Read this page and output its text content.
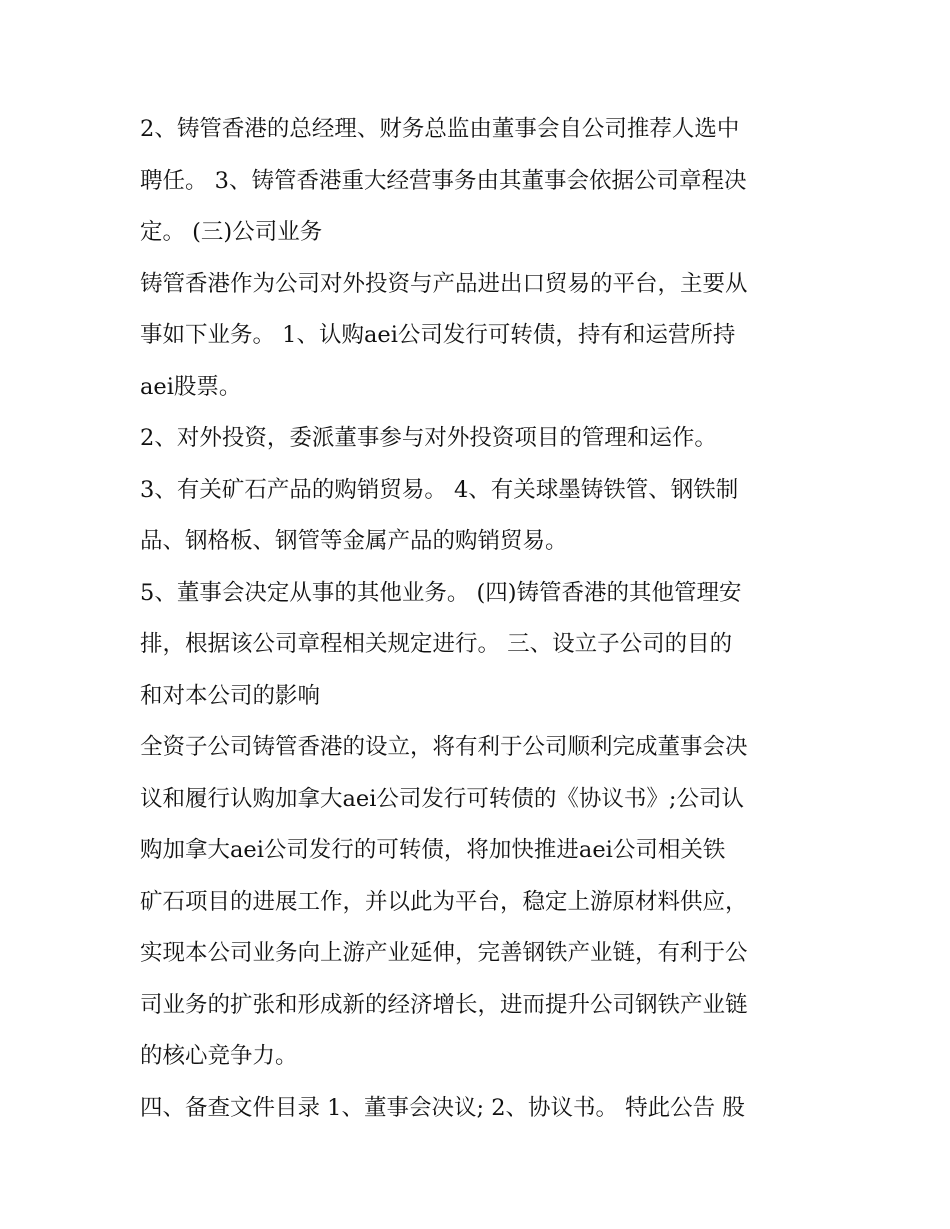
2、铸管香港的总经理、财务总监由董事会自公司推荐人选中
聘任。 3、铸管香港重大经营事务由其董事会依据公司章程决
定。 (三)公司业务
铸管香港作为公司对外投资与产品进出口贸易的平台，主要从
事如下业务。 1、认购aei公司发行可转债，持有和运营所持
aei股票。
2、对外投资，委派董事参与对外投资项目的管理和运作。
3、有关矿石产品的购销贸易。 4、有关球墨铸铁管、钢铁制
品、钢格板、钢管等金属产品的购销贸易。
5、董事会决定从事的其他业务。 (四)铸管香港的其他管理安
排，根据该公司章程相关规定进行。 三、设立子公司的目的
和对本公司的影响
全资子公司铸管香港的设立，将有利于公司顺利完成董事会决
议和履行认购加拿大aei公司发行可转债的《协议书》;公司认
购加拿大aei公司发行的可转债，将加快推进aei公司相关铁
矿石项目的进展工作，并以此为平台，稳定上游原材料供应，
实现本公司业务向上游产业延伸，完善钢铁产业链，有利于公
司业务的扩张和形成新的经济增长，进而提升公司钢铁产业链
的核心竞争力。
四、备查文件目录 1、董事会决议; 2、协议书。 特此公告 股
